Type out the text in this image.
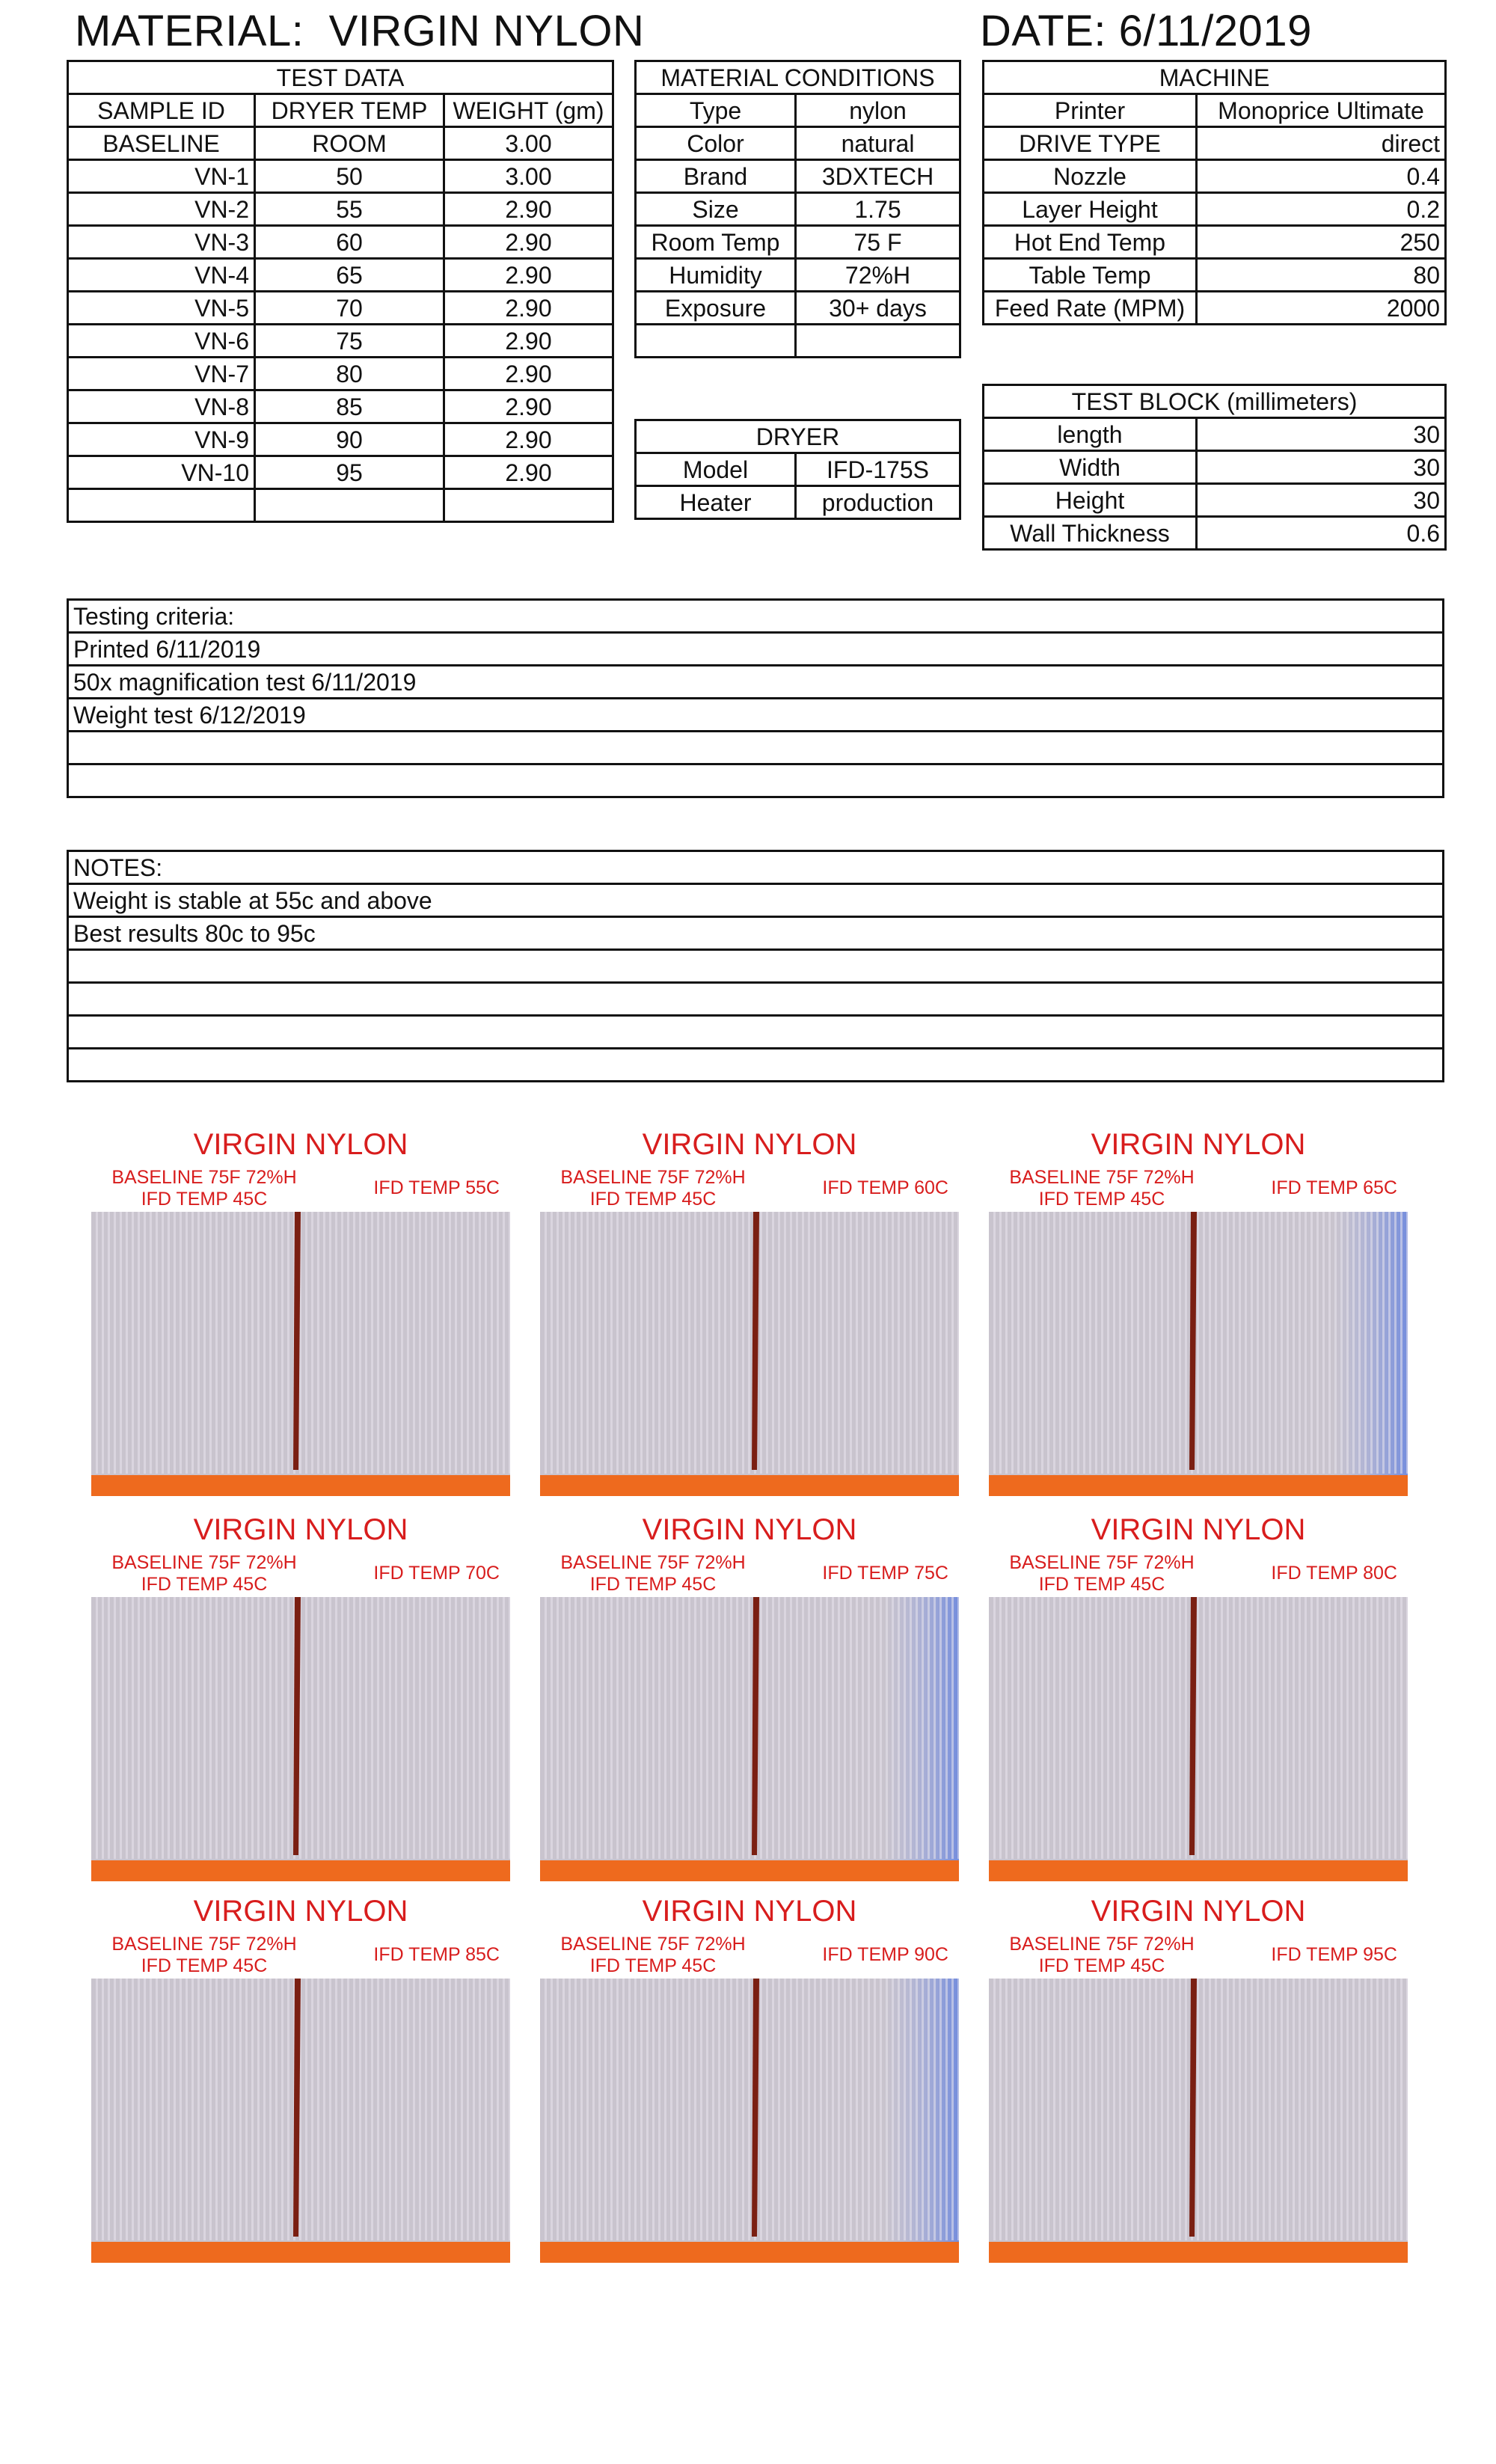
MATERIAL:  VIRGIN NYLON	DATE: 6/11/2019
TEST DATA		
SAMPLE ID	DRYER TEMP	WEIGHT (gm)
BASELINE	ROOM	3.00
VN-1	50	3.00
VN-2	55	2.90
VN-3	60	2.90
VN-4	65	2.90
VN-5	70	2.90
VN-6	75	2.90
VN-7	80	2.90
VN-8	85	2.90
VN-9	90	2.90
VN-10	95	2.90

MATERIAL CONDITIONS	
Type	nylon
Color	natural
Brand	3DXTECH
Size	1.75
Room Temp	75 F
Humidity	72%H
Exposure	30+ days

DRYER	
Model	IFD-175S
Heater	production
MACHINE	
Printer	Monoprice Ultimate
DRIVE TYPE	direct
Nozzle	0.4
Layer Height	0.2
Hot End Temp	250
Table Temp	80
Feed Rate (MPM)	2000
TEST BLOCK (millimeters)	
length	30
Width	30
Height	30
Wall Thickness	0.6
Testing criteria:
Printed 6/11/2019
50x magnification test 6/11/2019
Weight test 6/12/2019

NOTES:
Weight is stable at 55c and above
Best results 80c to 95c

VIRGIN NYLON
BASELINE 75F 72%H
IFD TEMP 45C
IFD TEMP 55C
VIRGIN NYLON
BASELINE 75F 72%H
IFD TEMP 45C
IFD TEMP 60C
VIRGIN NYLON
BASELINE 75F 72%H
IFD TEMP 45C
IFD TEMP 65C
VIRGIN NYLON
BASELINE 75F 72%H
IFD TEMP 45C
IFD TEMP 70C
VIRGIN NYLON
BASELINE 75F 72%H
IFD TEMP 45C
IFD TEMP 75C
VIRGIN NYLON
BASELINE 75F 72%H
IFD TEMP 45C
IFD TEMP 80C
VIRGIN NYLON
BASELINE 75F 72%H
IFD TEMP 45C
IFD TEMP 85C
VIRGIN NYLON
BASELINE 75F 72%H
IFD TEMP 45C
IFD TEMP 90C
VIRGIN NYLON
BASELINE 75F 72%H
IFD TEMP 45C
IFD TEMP 95C
